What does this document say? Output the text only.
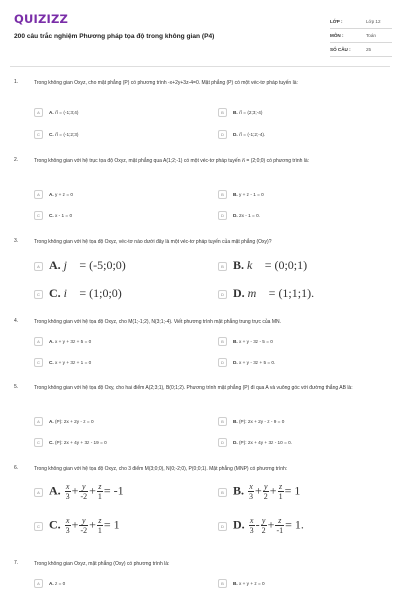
QUIZIZZ
200 câu trắc nghiệm Phương pháp tọa độ trong không gian (P4)
LỚP :	Lớp 12
MÔN :	Toán
SỐ CÂU :	25
1.	Trong không gian Oxyz, cho mặt phẳng (P) có phương trình -x+2y+3z-4=0. Mặt phẳng (P) có một véc-tơ pháp tuyến là:
A	A. n⃗ = (-1;3;4)	B	B. n⃗ = (2;3;-4)
C	C. n⃗ = (-1;2;3)	D	D. n⃗ = (-1;2;-4).
2.	Trong không gian với hệ trục tọa độ Oxyz, mặt phẳng qua A(1;2;-1) có một véc-tơ pháp tuyến n⃗ = (2;0;0) có phương trình là:
A	A. y + z = 0	B	B. y + z - 1 = 0
C	C. x - 1 = 0	D	D. 2x - 1 = 0.
3.	Trong không gian với hệ tọa độ Oxyz, véc-tơ nào dưới đây là một véc-tơ pháp tuyến của mặt phẳng (Oxy)?
A A. j⃗ = (-5;0;0)	B B. k⃗ = (0;0;1)
C C. i⃗ = (1;0;0)	D D. m⃗ = (1;1;1).
4.	Trong không gian với hệ tọa độ Oxyz, cho M(1;-1;2), N(3;1;-4). Viết phương trình mặt phẳng trung trực của MN.
A	A. x + y + 3z + 5 = 0	B	B. x + y - 3z - 5 = 0
C	C. x + y + 3z + 1 = 0	D	D. x + y - 3z + 5 = 0.
5.	Trong không gian với hệ tọa độ Oxy, cho hai điểm A(2;3;1), B(0;1;2). Phương trình mặt phẳng (P) đi qua A và vuông góc với đường thẳng AB là:
A	A. (P): 2x + 2y - z = 0	B	B. (P): 2x + 2y - z - 9 = 0
C	C. (P): 2x + 4y + 3z - 19 = 0	D	D. (P): 2x + 4y + 3z - 10 = 0.
6.	Trong không gian với hệ tọa độ Oxyz, cho 3 điểm M(3;0;0), N(0;-2;0), P(0;0;1). Mặt phẳng (MNP) có phương trình:
A A. $\frac{x}{3} + \frac{y}{-2} + \frac{z}{1} = -1$	B B. $\frac{x}{3} + \frac{y}{2} + \frac{z}{1} = 1$
C C. $\frac{x}{3} + \frac{y}{-2} + \frac{z}{1} = 1$	D D. $\frac{x}{3} - \frac{y}{2} + \frac{z}{-1} = 1$.
7.	Trong không gian Oxyz, mặt phẳng (Oxy) có phương trình là:
A	A. z = 0	B	B. x + y + z = 0
